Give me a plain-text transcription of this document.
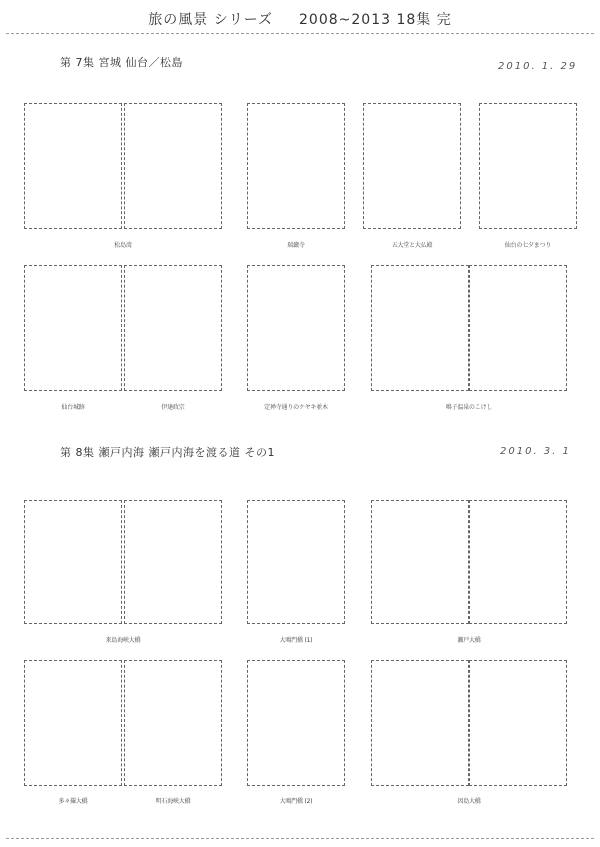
旅の風景 シリーズ 2008~2013 18集 完
第 7集 宮城 仙台／松島	2010. 1. 29
松島湾	瑞巌寺	五大堂と大仏殿	仙台の七夕まつり
仙台城跡	伊達政宗	定禅寺通りのケヤキ並木	鳴子温泉のこけし
第 8集 瀬戸内海 瀬戸内海を渡る道 その1	2010. 3. 1
来島海峡大橋	大鳴門橋 (1)	瀬戸大橋
多々羅大橋	明石海峡大橋	大鳴門橋 (2)	因島大橋
